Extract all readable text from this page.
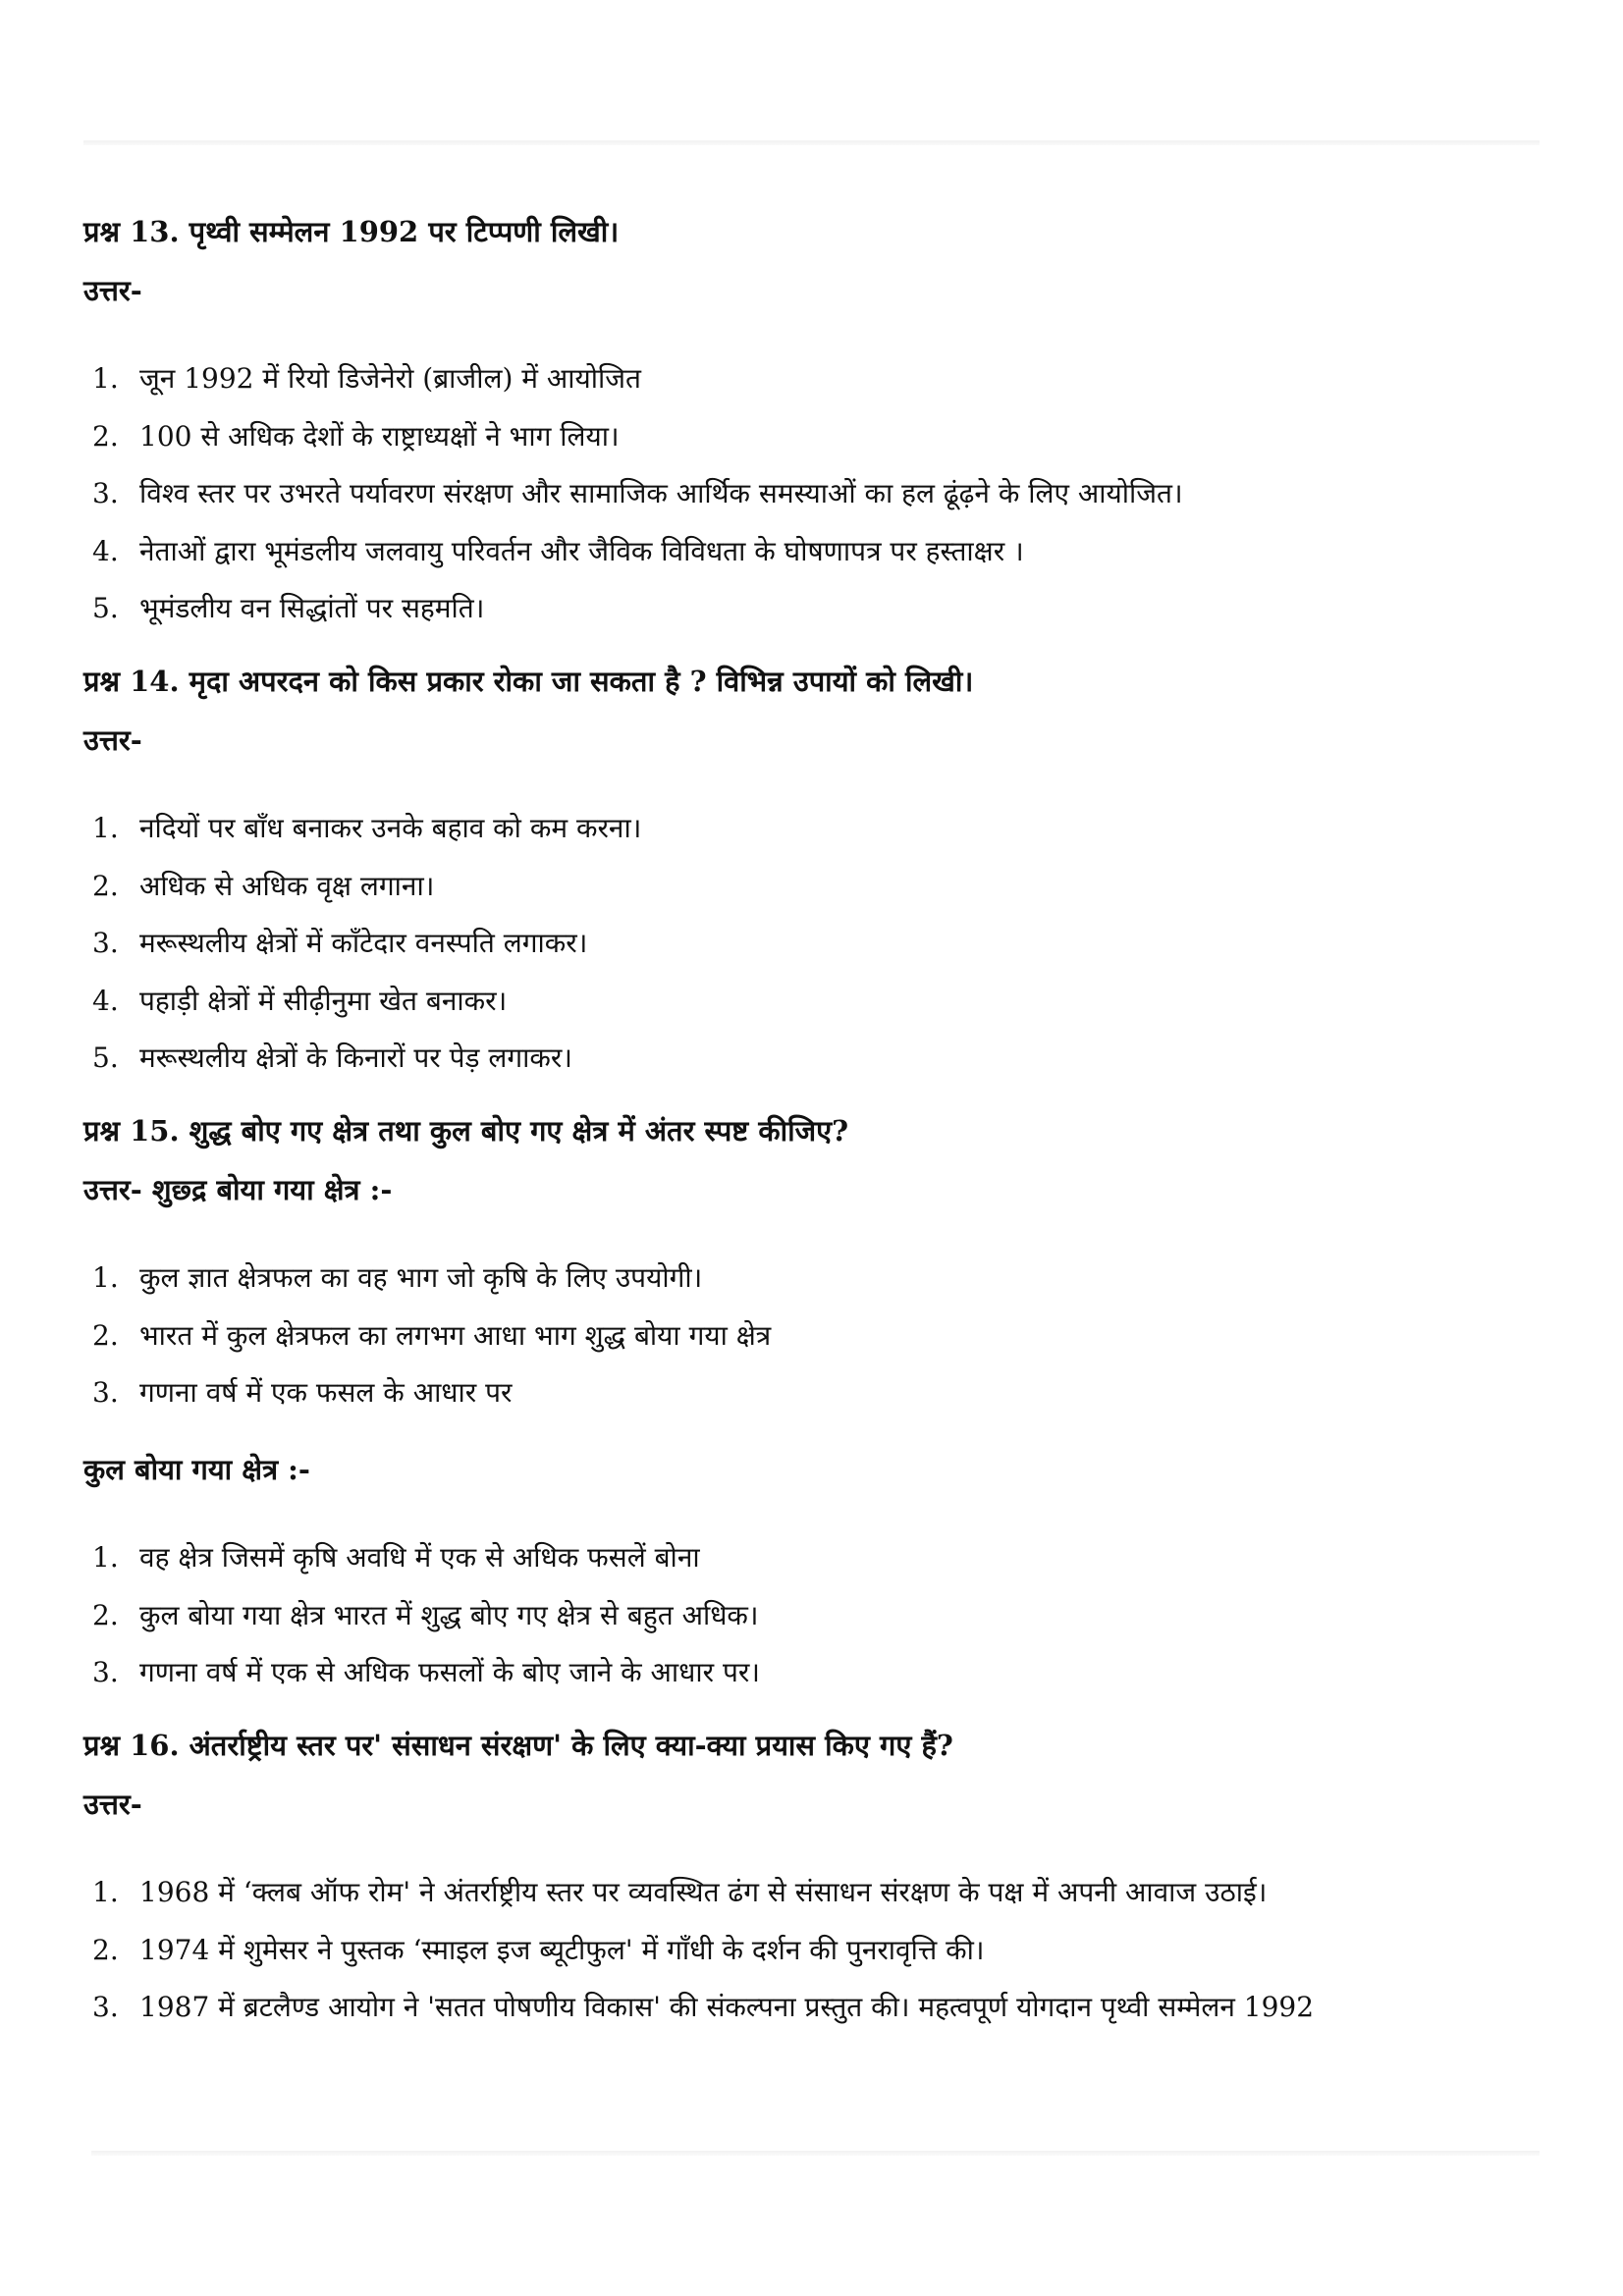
प्रश्न 13. पृथ्वी सम्मेलन 1992 पर टिप्पणी लिखी।
उत्तर-
1. जून 1992 में रियो डिजेनेरो (ब्राजील) में आयोजित
2. 100 से अधिक देशों के राष्ट्राध्यक्षों ने भाग लिया।
3. विश्व स्तर पर उभरते पर्यावरण संरक्षण और सामाजिक आर्थिक समस्याओं का हल ढूंढ़ने के लिए आयोजित।
4. नेताओं द्वारा भूमंडलीय जलवायु परिवर्तन और जैविक विविधता के घोषणापत्र पर हस्ताक्षर ।
5. भूमंडलीय वन सिद्धांतों पर सहमति।
प्रश्न 14. मृदा अपरदन को किस प्रकार रोका जा सकता है ? विभिन्न उपायों को लिखी।
उत्तर-
1. नदियों पर बाँध बनाकर उनके बहाव को कम करना।
2. अधिक से अधिक वृक्ष लगाना।
3. मरूस्थलीय क्षेत्रों में काँटेदार वनस्पति लगाकर।
4. पहाड़ी क्षेत्रों में सीढ़ीनुमा खेत बनाकर।
5. मरूस्थलीय क्षेत्रों के किनारों पर पेड़ लगाकर।
प्रश्न 15. शुद्ध बोए गए क्षेत्र तथा कुल बोए गए क्षेत्र में अंतर स्पष्ट कीजिए?
उत्तर- शुछ्द्र बोया गया क्षेत्र :-
1. कुल ज्ञात क्षेत्रफल का वह भाग जो कृषि के लिए उपयोगी।
2. भारत में कुल क्षेत्रफल का लगभग आधा भाग शुद्ध बोया गया क्षेत्र
3. गणना वर्ष में एक फसल के आधार पर
कुल बोया गया क्षेत्र :-
1. वह क्षेत्र जिसमें कृषि अवधि में एक से अधिक फसलें बोना
2. कुल बोया गया क्षेत्र भारत में शुद्ध बोए गए क्षेत्र से बहुत अधिक।
3. गणना वर्ष में एक से अधिक फसलों के बोए जाने के आधार पर।
प्रश्न 16. अंतर्राष्ट्रीय स्तर पर' संसाधन संरक्षण' के लिए क्या-क्या प्रयास किए गए हैं?
उत्तर-
1. 1968 में ‘क्लब ऑफ रोम' ने अंतर्राष्ट्रीय स्तर पर व्यवस्थित ढंग से संसाधन संरक्षण के पक्ष में अपनी आवाज उठाई।
2. 1974 में शुमेसर ने पुस्तक ‘स्माइल इज ब्यूटीफुल' में गाँधी के दर्शन की पुनरावृत्ति की।
3. 1987 में ब्रटलैण्ड आयोग ने 'सतत पोषणीय विकास' की संकल्पना प्रस्तुत की। महत्वपूर्ण योगदान पृथ्वी सम्मेलन 1992
